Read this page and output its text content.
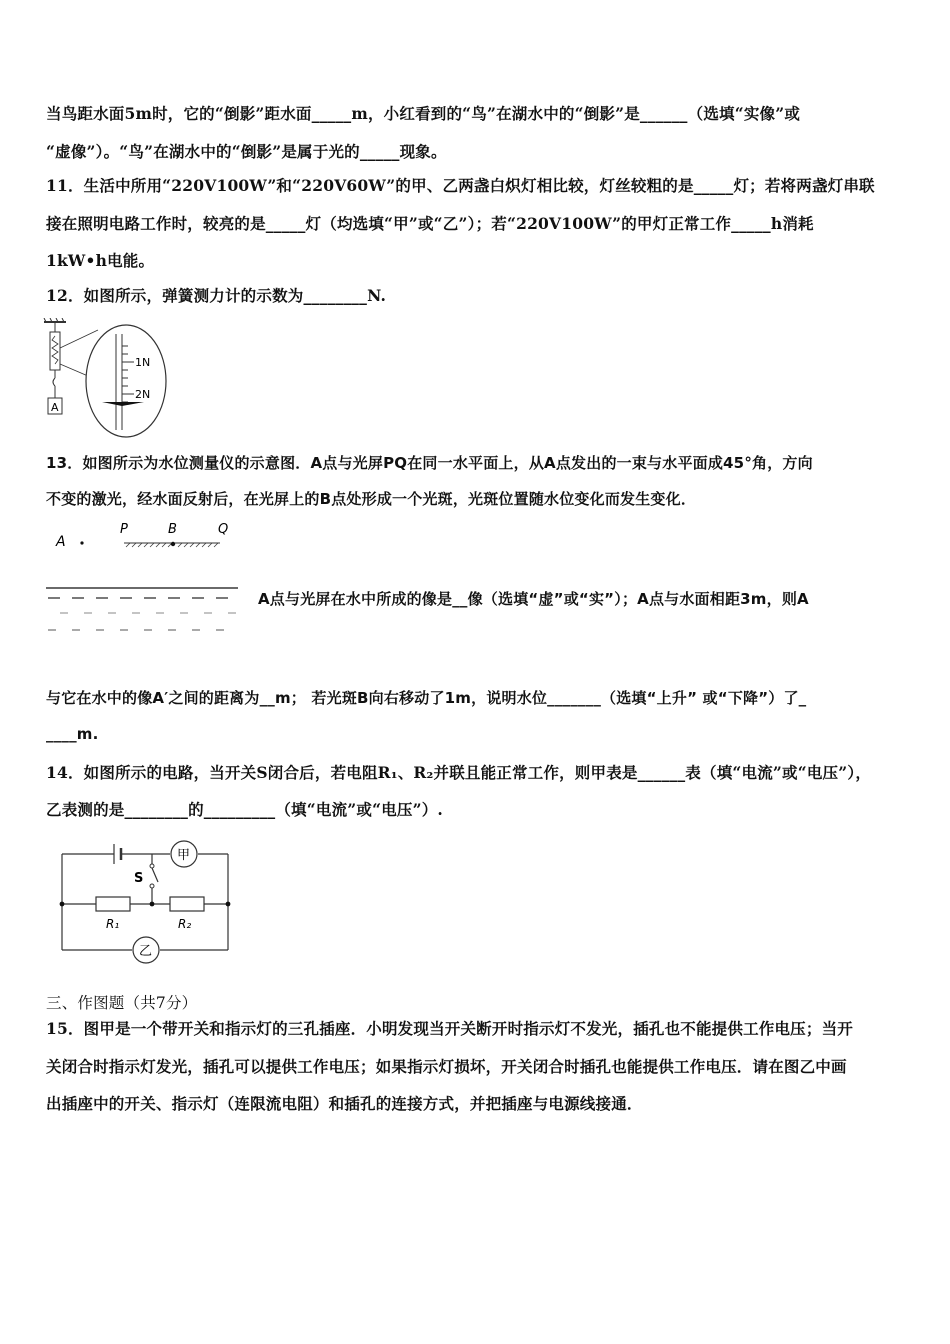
当鸟距水面5m时，它的“倒影”距水面_____m，小红看到的“鸟”在湖水中的“倒影”是______（选填“实像”或
“虚像”）。“鸟”在湖水中的“倒影”是属于光的_____现象。
11．生活中所用“220V100W”和“220V60W”的甲、乙两盏白炽灯相比较，灯丝较粗的是_____灯；若将两盏灯串联
接在照明电路工作时，较亮的是_____灯（均选填“甲”或“乙”）；若“220V100W”的甲灯正常工作_____h消耗
1kW•h电能。
12．如图所示，弹簧测力计的示数为________N.
A
1N
2N
13．如图所示为水位测量仪的示意图．A点与光屏PQ在同一水平面上，从A点发出的一束与水平面成45°角，方向
不变的激光，经水面反射后，在光屏上的B点处形成一个光斑，光斑位置随水位变化而发生变化．
A
P	B	Q
A点与光屏在水中所成的像是__像（选填“虚”或“实”）；A点与水面相距3m，则A
与它在水中的像A′之间的距离为__m； 若光斑B向右移动了1m，说明水位_______（选填“上升” 或“下降”）了_
____m.
14．如图所示的电路，当开关S闭合后，若电阻R₁、R₂并联且能正常工作，则甲表是______表（填“电流”或“电压”），
乙表测的是________的_________（填“电流”或“电压”）.
S
R₁	R₂
甲
乙
三、作图题（共7分）
15．图甲是一个带开关和指示灯的三孔插座．小明发现当开关断开时指示灯不发光，插孔也不能提供工作电压；当开
关闭合时指示灯发光，插孔可以提供工作电压；如果指示灯损坏，开关闭合时插孔也能提供工作电压．请在图乙中画
出插座中的开关、指示灯（连限流电阻）和插孔的连接方式，并把插座与电源线接通．
